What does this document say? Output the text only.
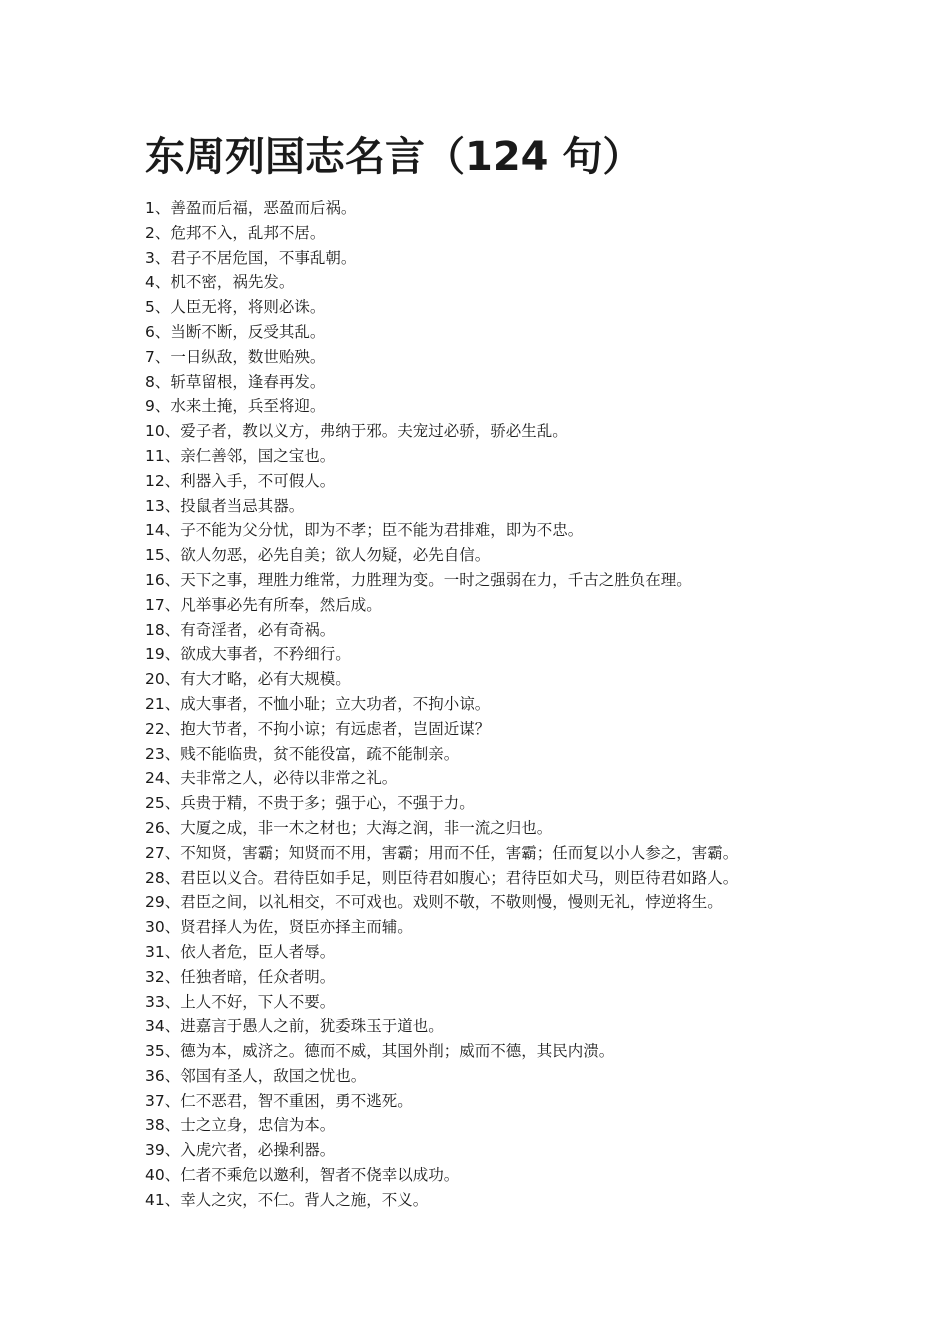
东周列国志名言（124 句）
1、善盈而后福，恶盈而后祸。
2、危邦不入，乱邦不居。
3、君子不居危国，不事乱朝。
4、机不密，祸先发。
5、人臣无将，将则必诛。
6、当断不断，反受其乱。
7、一日纵敌，数世贻殃。
8、斩草留根，逢春再发。
9、水来土掩，兵至将迎。
10、爱子者，教以义方，弗纳于邪。夫宠过必骄，骄必生乱。
11、亲仁善邻，国之宝也。
12、利器入手，不可假人。
13、投鼠者当忌其器。
14、子不能为父分忧，即为不孝；臣不能为君排难，即为不忠。
15、欲人勿恶，必先自美；欲人勿疑，必先自信。
16、天下之事，理胜力维常，力胜理为变。一时之强弱在力，千古之胜负在理。
17、凡举事必先有所奉，然后成。
18、有奇淫者，必有奇祸。
19、欲成大事者，不矜细行。
20、有大才略，必有大规模。
21、成大事者，不恤小耻；立大功者，不拘小谅。
22、抱大节者，不拘小谅；有远虑者，岂固近谋？
23、贱不能临贵，贫不能役富，疏不能制亲。
24、夫非常之人，必待以非常之礼。
25、兵贵于精，不贵于多；强于心，不强于力。
26、大厦之成，非一木之材也；大海之润，非一流之归也。
27、不知贤，害霸；知贤而不用，害霸；用而不任，害霸；任而复以小人参之，害霸。
28、君臣以义合。君待臣如手足，则臣待君如腹心；君待臣如犬马，则臣待君如路人。
29、君臣之间，以礼相交，不可戏也。戏则不敬，不敬则慢，慢则无礼，悖逆将生。
30、贤君择人为佐，贤臣亦择主而辅。
31、依人者危，臣人者辱。
32、任独者暗，任众者明。
33、上人不好，下人不要。
34、进嘉言于愚人之前，犹委珠玉于道也。
35、德为本，威济之。德而不威，其国外削；威而不德，其民内溃。
36、邻国有圣人，敌国之忧也。
37、仁不恶君，智不重困，勇不逃死。
38、士之立身，忠信为本。
39、入虎穴者，必操利器。
40、仁者不乘危以邀利，智者不侥幸以成功。
41、幸人之灾，不仁。背人之施，不义。
